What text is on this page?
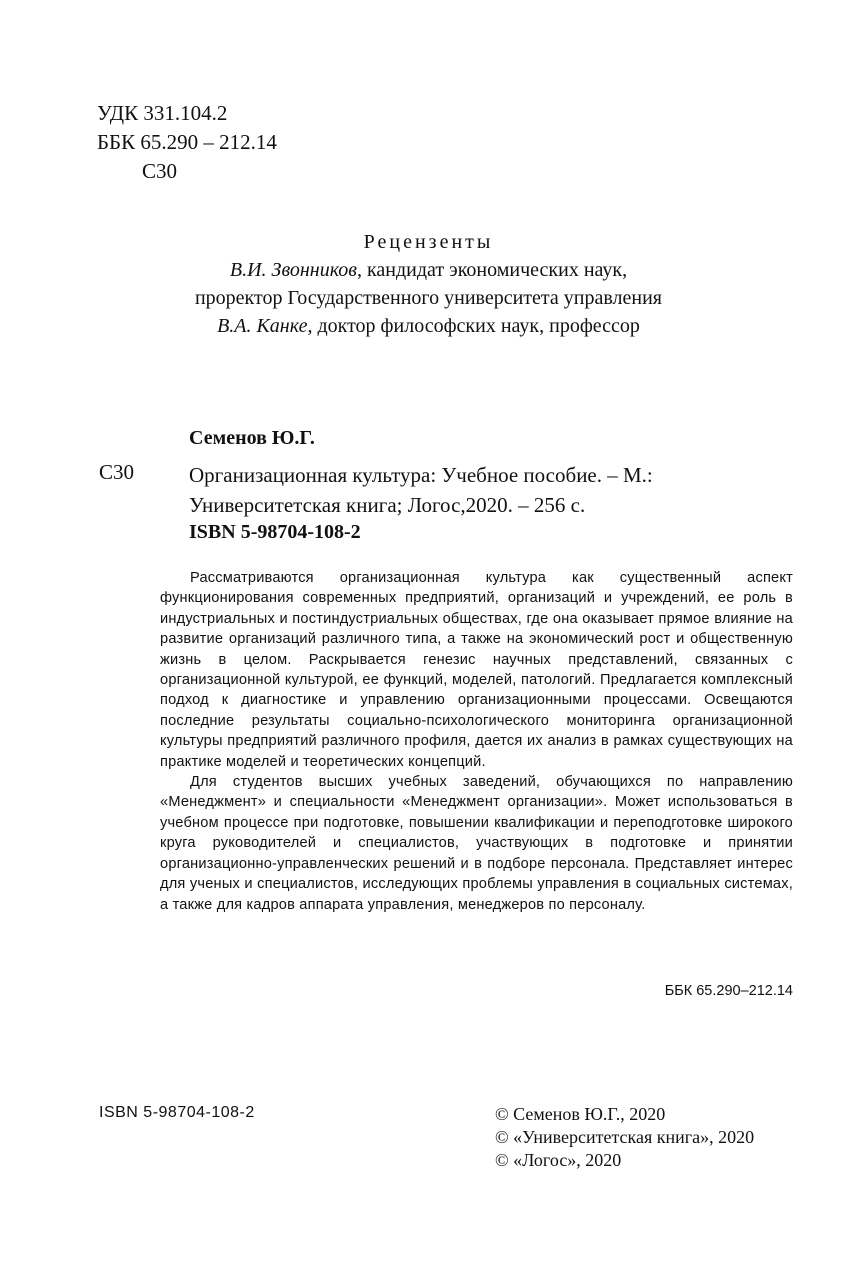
УДК 331.104.2
ББК 65.290 – 212.14
С30
Рецензенты
В.И. Звонников, кандидат экономических наук,
проректор Государственного университета управления
В.А. Канке, доктор философских наук, профессор
Семенов Ю.Г.
С30	Организационная культура: Учебное пособие. – М.: Университетская книга; Логос,2020. – 256 с.
ISBN 5-98704-108-2

Рассматриваются организационная культура как существенный аспект функционирования современных предприятий, организаций и учреждений, ее роль в индустриальных и постиндустриальных обществах, где она оказывает прямое влияние на развитие организаций различного типа, а также на экономический рост и общественную жизнь в целом. Раскрывается генезис научных представлений, связанных с организационной культурой, ее функций, моделей, патологий. Предлагается комплексный подход к диагностике и управлению организационными процессами. Освещаются последние результаты социально-психологического мониторинга организационной культуры предприятий различного профиля, дается их анализ в рамках существующих на практике моделей и теоретических концепций.

Для студентов высших учебных заведений, обучающихся по направлению «Менеджмент» и специальности «Менеджмент организации». Может использоваться в учебном процессе при подготовке, повышении квалификации и переподготовке широкого круга руководителей и специалистов, участвующих в подготовке и принятии организационно-управленческих решений и в подборе персонала. Представляет интерес для ученых и специалистов, исследующих проблемы управления в социальных системах, а также для кадров аппарата управления, менеджеров по персоналу.

ББК 65.290–212.14
ISBN 5-98704-108-2	© Семенов Ю.Г., 2020
© «Университетская книга», 2020
© «Логос», 2020
